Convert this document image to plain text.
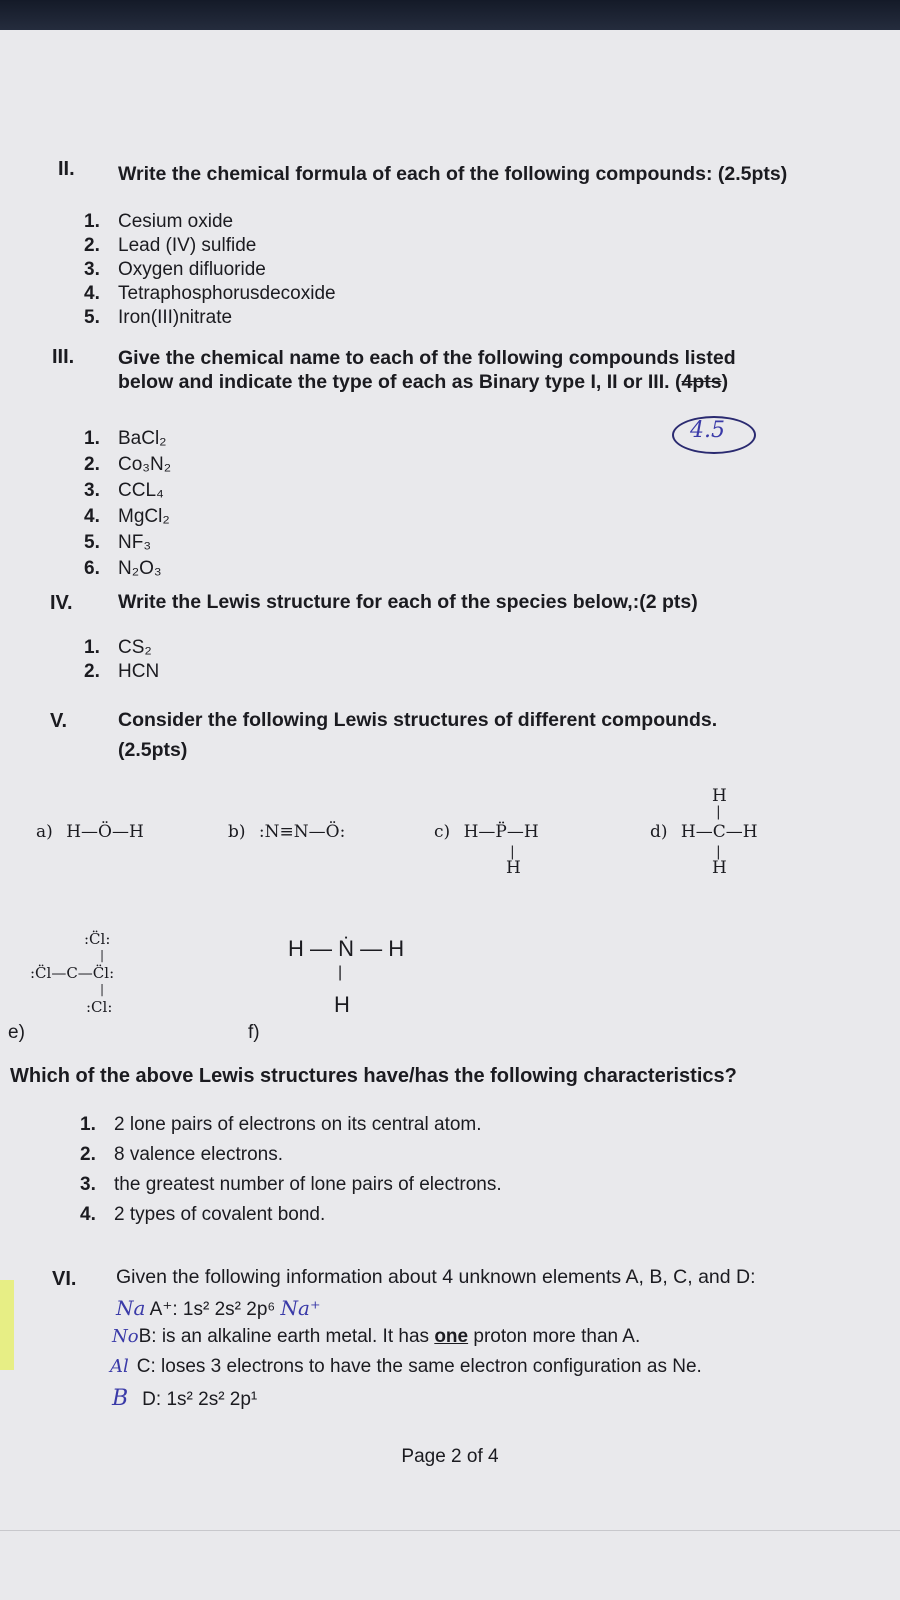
II. Write the chemical formula of each of the following compounds: (2.5pts)
1. Cesium oxide
2. Lead (IV) sulfide
3. Oxygen difluoride
4. Tetraphosphorusdecoxide
5. Iron(III)nitrate
III. Give the chemical name to each of the following compounds listed
below and indicate the type of each as Binary type I, II or III. (4pts)
4.5
1. BaCl₂
2. Co₃N₂
3. CCL₄
4. MgCl₂
5. NF₃
6. N₂O₃
IV. Write the Lewis structure for each of the species below,:(2 pts)
1. CS₂
2. HCN
V.	Consider the following Lewis structures of different compounds.
(2.5pts)
a) H—Ö—H	b) :N≡N—Ö:	c) H—P̈—H
|
H
H
|
d) H—C—H
|
H
:C̈l:
|
:C̈l—C—C̈l:
|
:Cl:
e)
H — Ṅ — H
|
H
f)
Which of the above Lewis structures have/has the following characteristics?
1. 2 lone pairs of electrons on its central atom.
2. 8 valence electrons.
3. the greatest number of lone pairs of electrons.
4. 2 types of covalent bond.
VI. Given the following information about 4 unknown elements A, B, C, and D:
Na A⁺: 1s² 2s² 2p⁶ Na⁺
NoB: is an alkaline earth metal. It has one proton more than A.
Al C: loses 3 electrons to have the same electron configuration as Ne.
B D: 1s² 2s² 2p¹
Page 2 of 4
